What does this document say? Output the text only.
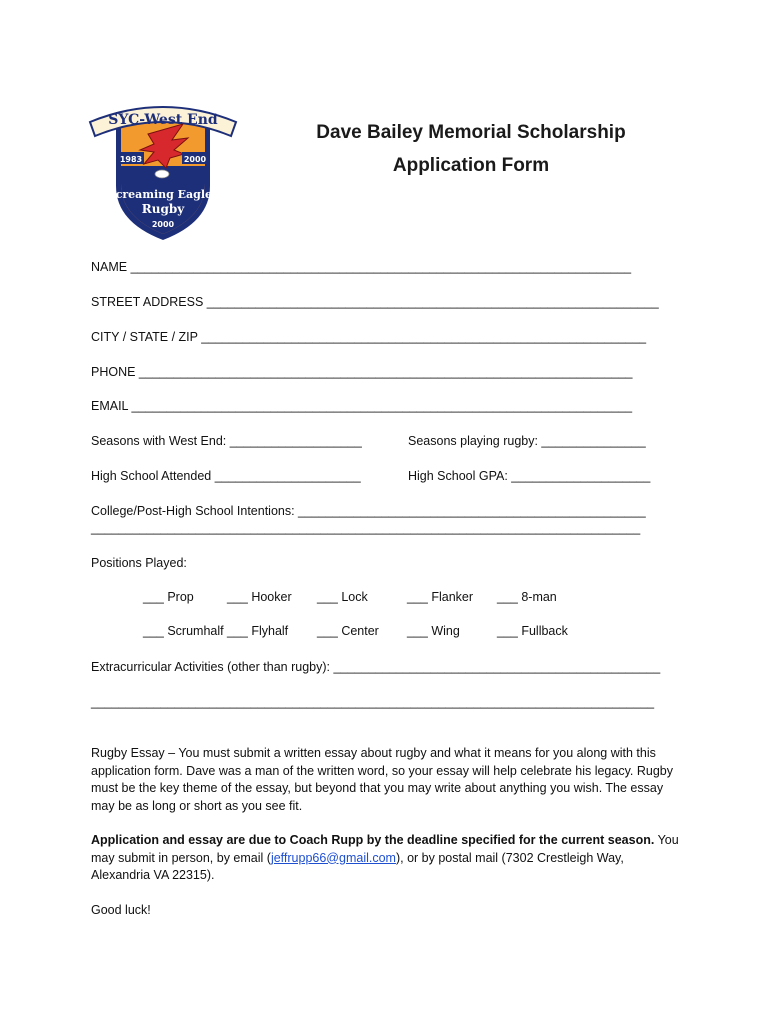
SYC-West End
1983	2000
Screaming Eagles
Rugby
2000
Dave Bailey Memorial Scholarship
Application Form
NAME ________________________________________________________________________
STREET ADDRESS _________________________________________________________________
CITY / STATE / ZIP ________________________________________________________________
PHONE _______________________________________________________________________
EMAIL ________________________________________________________________________
Seasons with West End: ___________________	Seasons playing rugby: _______________
High School Attended _____________________	High School GPA: ____________________
College/Post-High School Intentions: __________________________________________________
_______________________________________________________________________________
Positions Played:
___ Prop	___ Hooker ___ Lock	___ Flanker ___ 8-man
___ Scrumhalf ___ Flyhalf ___ Center ___ Wing	___ Fullback
Extracurricular Activities (other than rugby): _______________________________________________
_________________________________________________________________________________
Rugby Essay – You must submit a written essay about rugby and what it means for you along with this application form. Dave was a man of the written word, so your essay will help celebrate his legacy. Rugby must be the key theme of the essay, but beyond that you may write about anything you wish. The essay may be as long or short as you see fit.
Application and essay are due to Coach Rupp by the deadline specified for the current season. You may submit in person, by email (jeffrupp66@gmail.com), or by postal mail (7302 Crestleigh Way, Alexandria VA 22315).
Good luck!
